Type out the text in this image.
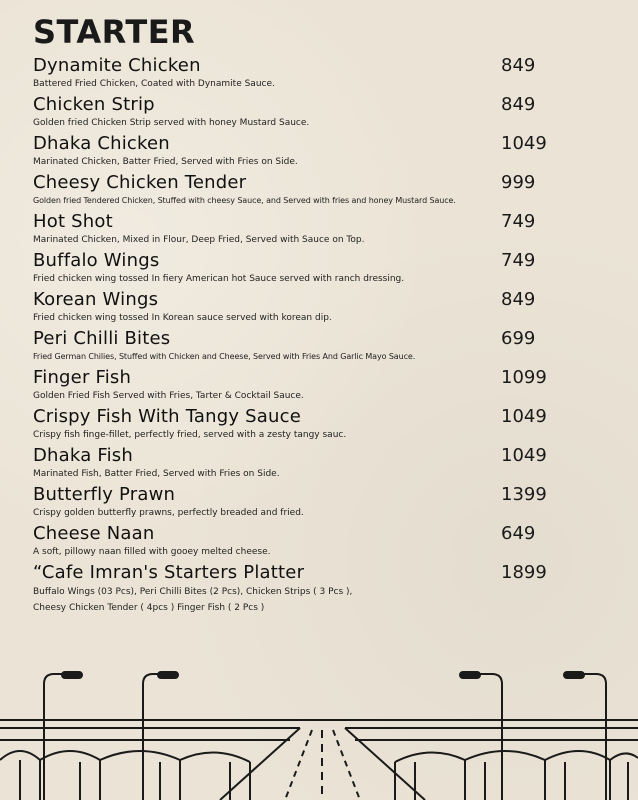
STARTER
Dynamite Chicken	849
Battered Fried Chicken, Coated with Dynamite Sauce.
Chicken Strip	849
Golden fried Chicken Strip served with honey Mustard Sauce.
Dhaka Chicken	1049
Marinated Chicken, Batter Fried, Served with Fries on Side.
Cheesy Chicken Tender	999
Golden fried Tendered Chicken, Stuffed with cheesy Sauce, and Served with fries and honey Mustard Sauce.
Hot Shot	749
Marinated Chicken, Mixed in Flour, Deep Fried, Served with Sauce on Top.
Buffalo Wings	749
Fried chicken wing tossed In fiery American hot Sauce served with ranch dressing.
Korean Wings	849
Fried chicken wing tossed In Korean sauce served with korean dip.
Peri Chilli Bites	699
Fried German Chilies, Stuffed with Chicken and Cheese, Served with Fries And Garlic Mayo Sauce.
Finger Fish	1099
Golden Fried Fish Served with Fries, Tarter & Cocktail Sauce.
Crispy Fish With Tangy Sauce	1049
Crispy fish finge-fillet, perfectly fried, served with a zesty tangy sauc.
Dhaka Fish	1049
Marinated Fish, Batter Fried, Served with Fries on Side.
Butterfly Prawn	1399
Crispy golden butterfly prawns, perfectly breaded and fried.
Cheese Naan	649
A soft, pillowy naan filled with gooey melted cheese.
“Cafe Imran's Starters Platter	1899
Buffalo Wings (03 Pcs), Peri Chilli Bites (2 Pcs), Chicken Strips ( 3 Pcs ),
Cheesy Chicken Tender ( 4pcs ) Finger Fish ( 2 Pcs )
